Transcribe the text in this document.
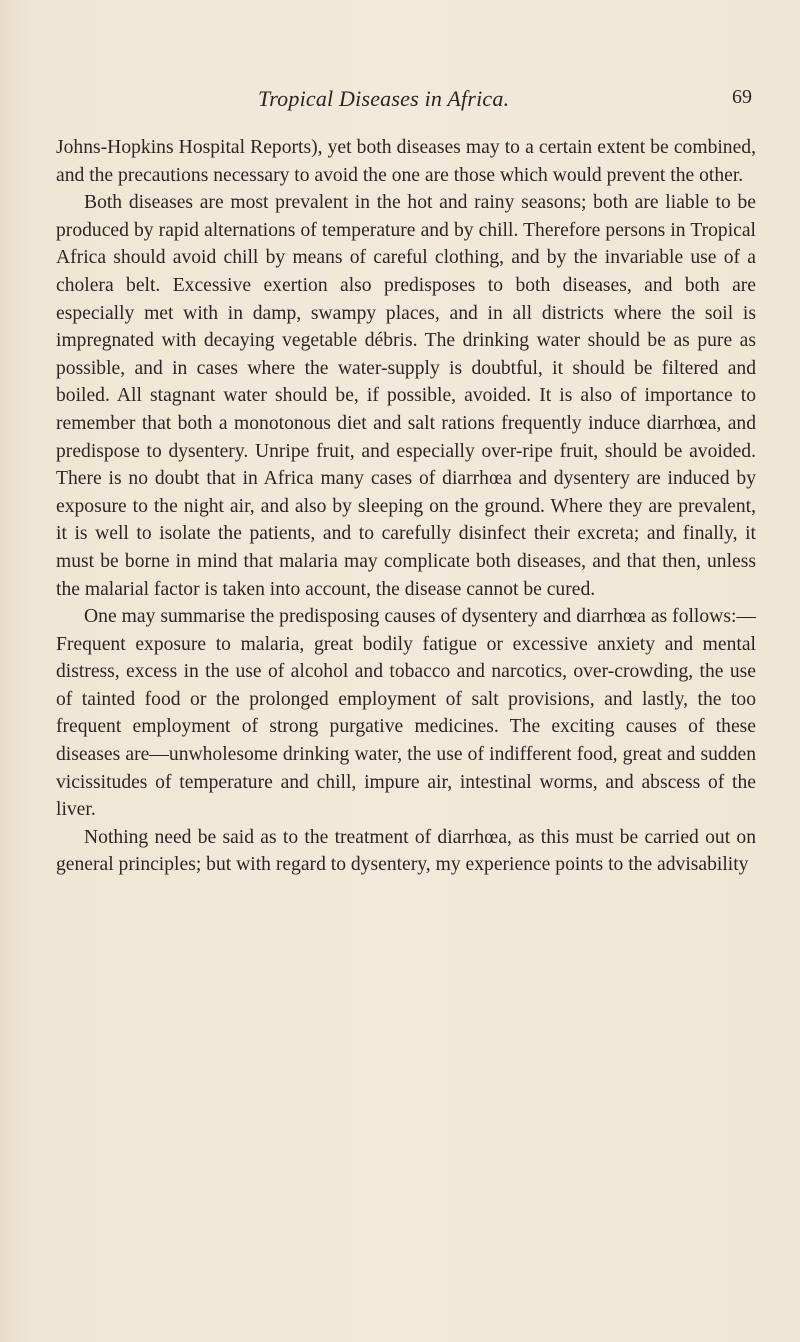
Tropical Diseases in Africa.	69

Johns-Hopkins Hospital Reports), yet both diseases may to a certain extent be combined, and the precautions necessary to avoid the one are those which would prevent the other.

Both diseases are most prevalent in the hot and rainy seasons; both are liable to be produced by rapid alternations of temperature and by chill. Therefore persons in Tropical Africa should avoid chill by means of careful clothing, and by the invariable use of a cholera belt. Excessive exertion also predisposes to both diseases, and both are especially met with in damp, swampy places, and in all districts where the soil is impregnated with decaying vegetable débris. The drinking water should be as pure as possible, and in cases where the water-supply is doubtful, it should be filtered and boiled. All stagnant water should be, if possible, avoided. It is also of importance to remember that both a monotonous diet and salt rations frequently induce diarrhœa, and predispose to dysentery. Unripe fruit, and especially over-ripe fruit, should be avoided. There is no doubt that in Africa many cases of diarrhœa and dysentery are induced by exposure to the night air, and also by sleeping on the ground. Where they are prevalent, it is well to isolate the patients, and to carefully disinfect their excreta; and finally, it must be borne in mind that malaria may complicate both diseases, and that then, unless the malarial factor is taken into account, the disease cannot be cured.

One may summarise the predisposing causes of dysentery and diarrhœa as follows:—Frequent exposure to malaria, great bodily fatigue or excessive anxiety and mental distress, excess in the use of alcohol and tobacco and narcotics, over-crowding, the use of tainted food or the prolonged employment of salt provisions, and lastly, the too frequent employment of strong purgative medicines. The exciting causes of these diseases are—unwholesome drinking water, the use of indifferent food, great and sudden vicissitudes of temperature and chill, impure air, intestinal worms, and abscess of the liver.

Nothing need be said as to the treatment of diarrhœa, as this must be carried out on general principles; but with regard to dysentery, my experience points to the advisability
